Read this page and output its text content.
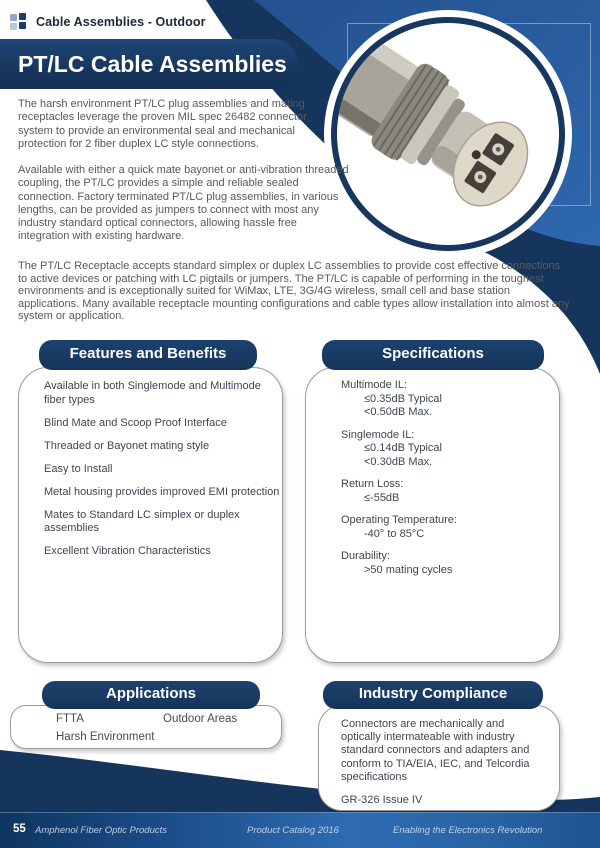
Cable Assemblies - Outdoor
PT/LC Cable Assemblies

The harsh environment PT/LC plug assemblies and mating receptacles leverage the proven MIL spec 26482 connector system to provide an environmental seal and mechanical protection for 2 fiber duplex LC style connections.

Available with either a quick mate bayonet or anti-vibration threaded coupling, the PT/LC provides a simple and reliable sealed connection. Factory terminated PT/LC plug assemblies, in various lengths, can be provided as jumpers to connect with most any industry standard optical connectors, allowing hassle free integration with existing hardware.

The PT/LC Receptacle accepts standard simplex or duplex LC assemblies to provide cost effective connections to active devices or patching with LC pigtails or jumpers. The PT/LC is capable of performing in the toughest environments and is exceptionally suited for WiMax, LTE, 3G/4G wireless, small cell and base station applications. Many available receptacle mounting configurations and cable types allow installation into almost any system or application.

Features and Benefits
Available in both Singlemode and Multimode fiber types
Blind Mate and Scoop Proof Interface
Threaded or Bayonet mating style
Easy to Install
Metal housing provides improved EMI protection
Mates to Standard LC simplex or duplex assemblies
Excellent Vibration Characteristics
Specifications
Multimode IL:
≤0.35dB Typical
<0.50dB Max.
Singlemode IL:
≤0.14dB Typical
<0.30dB Max.
Return Loss:
≤-55dB
Operating Temperature:
-40° to 85°C
Durability:
>50 mating cycles
Applications
FTTA	Outdoor Areas
Harsh Environment
Industry Compliance
Connectors are mechanically and optically intermateable with industry standard connectors and adapters and conform to TIA/EIA, IEC, and Telcordia specifications
GR-326 Issue IV
55 Amphenol Fiber Optic Products	Product Catalog 2016	Enabling the Electronics Revolution
